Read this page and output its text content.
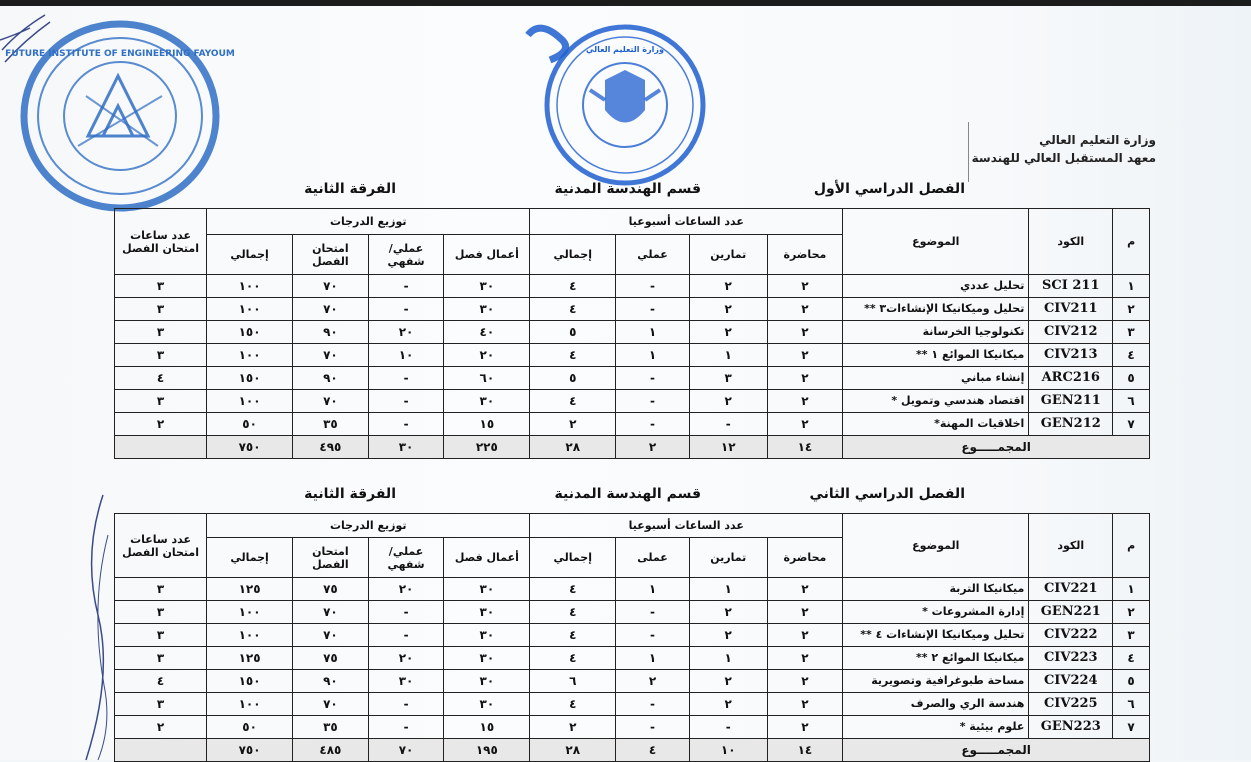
FUTURE INSTITUTE OF ENGINEERING FAYOUM	وزارة التعليم العالي
وزارة التعليم العالي
معهد المستقبل العالي للهندسة
الفصل الدراسي الأول
قسم الهندسة المدنية
الفرقة الثانية
م	الكود	الموضوع	عدد الساعات أسبوعيا				توزيع الدرجات				عدد ساعات امتحان الفصل
			محاضرة	تمارين	عملي	إجمالي	أعمال فصل	عملي/ شفهي	امتحان الفصل	إجمالي	
١	SCI 211	تحليل عددي	٢	٢	-	٤	٣٠	-	٧٠	١٠٠	٣
٢	CIV211	تحليل وميكانيكا الإنشاءات٣ **	٢	٢	-	٤	٣٠	-	٧٠	١٠٠	٣
٣	CIV212	تكنولوجيا الخرسانة	٢	٢	١	٥	٤٠	٢٠	٩٠	١٥٠	٣
٤	CIV213	ميكانيكا الموائع ١ **	٢	١	١	٤	٢٠	١٠	٧٠	١٠٠	٣
٥	ARC216	إنشاء مباني	٢	٣	-	٥	٦٠	-	٩٠	١٥٠	٤
٦	GEN211	اقتصاد هندسي وتمويل *	٢	٢	-	٤	٣٠	-	٧٠	١٠٠	٣
٧	GEN212	اخلاقيات المهنة*	٢	-	-	٢	١٥	-	٣٥	٥٠	٢
المجمـــــوع			١٤	١٢	٢	٢٨	٢٢٥	٣٠	٤٩٥	٧٥٠	
الفصل الدراسي الثاني
قسم الهندسة المدنية
الفرقة الثانية
م	الكود	الموضوع	عدد الساعات أسبوعيا				توزيع الدرجات				عدد ساعات امتحان الفصل
			محاضرة	تمارين	عملى	إجمالي	أعمال فصل	عملي/ شفهي	امتحان الفصل	إجمالي	
١	CIV221	ميكانيكا التربة	٢	١	١	٤	٣٠	٢٠	٧٥	١٢٥	٣
٢	GEN221	إدارة المشروعات *	٢	٢	-	٤	٣٠	-	٧٠	١٠٠	٣
٣	CIV222	تحليل وميكانيكا الإنشاءات ٤ **	٢	٢	-	٤	٣٠	-	٧٠	١٠٠	٣
٤	CIV223	ميكانيكا الموائع ٢ **	٢	١	١	٤	٣٠	٢٠	٧٥	١٢٥	٣
٥	CIV224	مساحة طبوغرافية وتصويرية	٢	٢	٢	٦	٣٠	٣٠	٩٠	١٥٠	٤
٦	CIV225	هندسة الري والصرف	٢	٢	-	٤	٣٠	-	٧٠	١٠٠	٣
٧	GEN223	علوم بيئية *	٢	-	-	٢	١٥	-	٣٥	٥٠	٢
المجمـــــوع			١٤	١٠	٤	٢٨	١٩٥	٧٠	٤٨٥	٧٥٠	
